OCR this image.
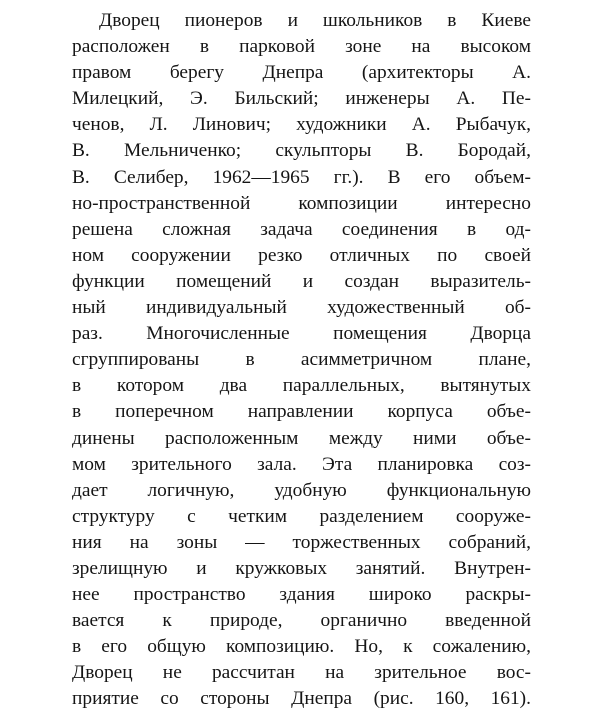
Дворец пионеров и школьников в Киеве
расположен в парковой зоне на высоком
правом берегу Днепра (архитекторы А.
Милецкий, Э. Бильский; инженеры А. Пе-
ченов, Л. Линович; художники А. Рыбачук,
В. Мельниченко; скульпторы В. Бородай,
В. Селибер, 1962—1965 гг.). В его объем-
но-пространственной композиции интересно
решена сложная задача соединения в од-
ном сооружении резко отличных по своей
функции помещений и создан выразитель-
ный индивидуальный художественный об-
раз. Многочисленные помещения Дворца
сгруппированы в асимметричном плане,
в котором два параллельных, вытянутых
в поперечном направлении корпуса объе-
динены расположенным между ними объе-
мом зрительного зала. Эта планировка соз-
дает логичную, удобную функциональную
структуру с четким разделением сооруже-
ния на зоны — торжественных собраний,
зрелищную и кружковых занятий. Внутрен-
нее пространство здания широко раскры-
вается к природе, органично введенной
в его общую композицию. Но, к сожалению,
Дворец не рассчитан на зрительное вос-
приятие со стороны Днепра (рис. 160, 161).
